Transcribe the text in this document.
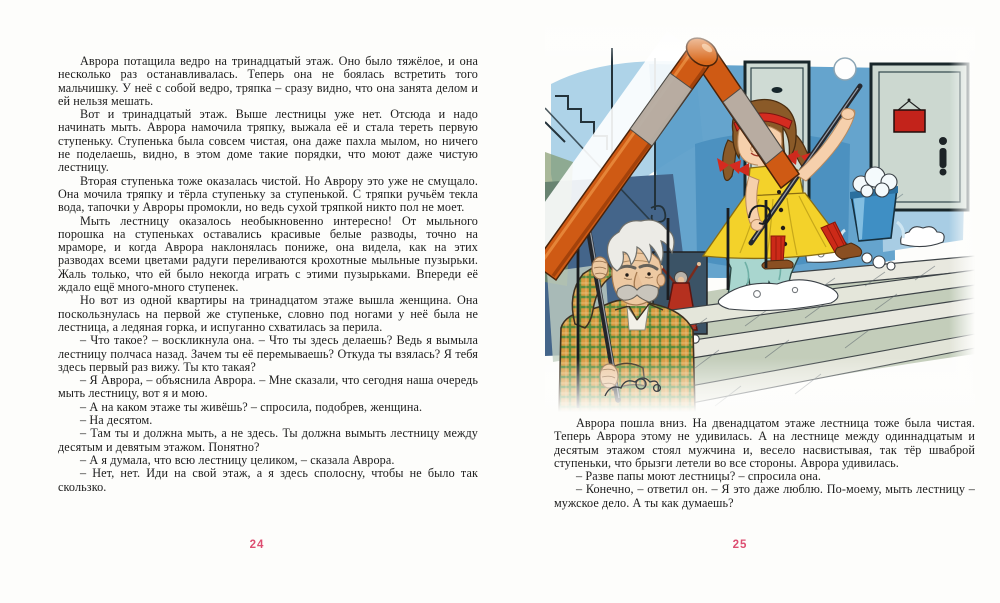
Аврора потащила ведро на тринадцатый этаж. Оно было тяжёлое, и она несколько раз останавливалась. Теперь она не боялась встретить того мальчишку. У неё с собой ведро, тряпка – сразу видно, что она занята делом и ей нельзя мешать.

Вот и тринадцатый этаж. Выше лестницы уже нет. Отсюда и надо начинать мыть. Аврора намочила тряпку, выжала её и стала тереть первую ступеньку. Ступенька была совсем чистая, она даже пахла мылом, но ничего не поделаешь, видно, в этом доме такие порядки, что моют даже чистую лестницу.

Вторая ступенька тоже оказалась чистой. Но Аврору это уже не смущало. Она мочила тряпку и тёрла ступеньку за ступенькой. С тряпки ручьём текла вода, тапочки у Авроры промокли, но ведь сухой тряпкой никто пол не моет.

Мыть лестницу оказалось необыкновенно интересно! От мыльного порошка на ступеньках оставались красивые белые разводы, точно на мраморе, и когда Аврора наклонялась пониже, она видела, как на этих разводах всеми цветами радуги переливаются крохотные мыльные пузырьки. Жаль только, что ей было некогда играть с этими пузырьками. Впереди её ждало ещё много-много ступенек.

Но вот из одной квартиры на тринадцатом этаже вышла женщина. Она поскользнулась на первой же ступеньке, словно под ногами у неё была не лестница, а ледяная горка, и испуганно схватилась за перила.

– Что такое? – воскликнула она. – Что ты здесь делаешь? Ведь я вымыла лестницу полчаса назад. Зачем ты её перемываешь? Откуда ты взялась? Я тебя здесь первый раз вижу. Ты кто такая?

– Я Аврора, – объяснила Аврора. – Мне сказали, что сегодня наша очередь мыть лестницу, вот я и мою.

– А на каком этаже ты живёшь? – спросила, подобрев, женщина.

– На десятом.

– Там ты и должна мыть, а не здесь. Ты должна вымыть лестницу между десятым и девятым этажом. Понятно?

– А я думала, что всю лестницу целиком, – сказала Аврора.

– Нет, нет. Иди на свой этаж, а я здесь сполосну, чтобы не было так скользко.

Аврора пошла вниз. На двенадцатом этаже лестница тоже была чистая. Теперь Аврора этому не удивилась. А на лестнице между одиннадцатым и десятым этажом стоял мужчина и, весело насвистывая, так тёр шваброй ступеньки, что брызги летели во все стороны. Аврора удивилась.

– Разве папы моют лестницы? – спросила она.

– Конечно, – ответил он. – Я это даже люблю. По-моему, мыть лестницу – мужское дело. А ты как думаешь?

24	25
